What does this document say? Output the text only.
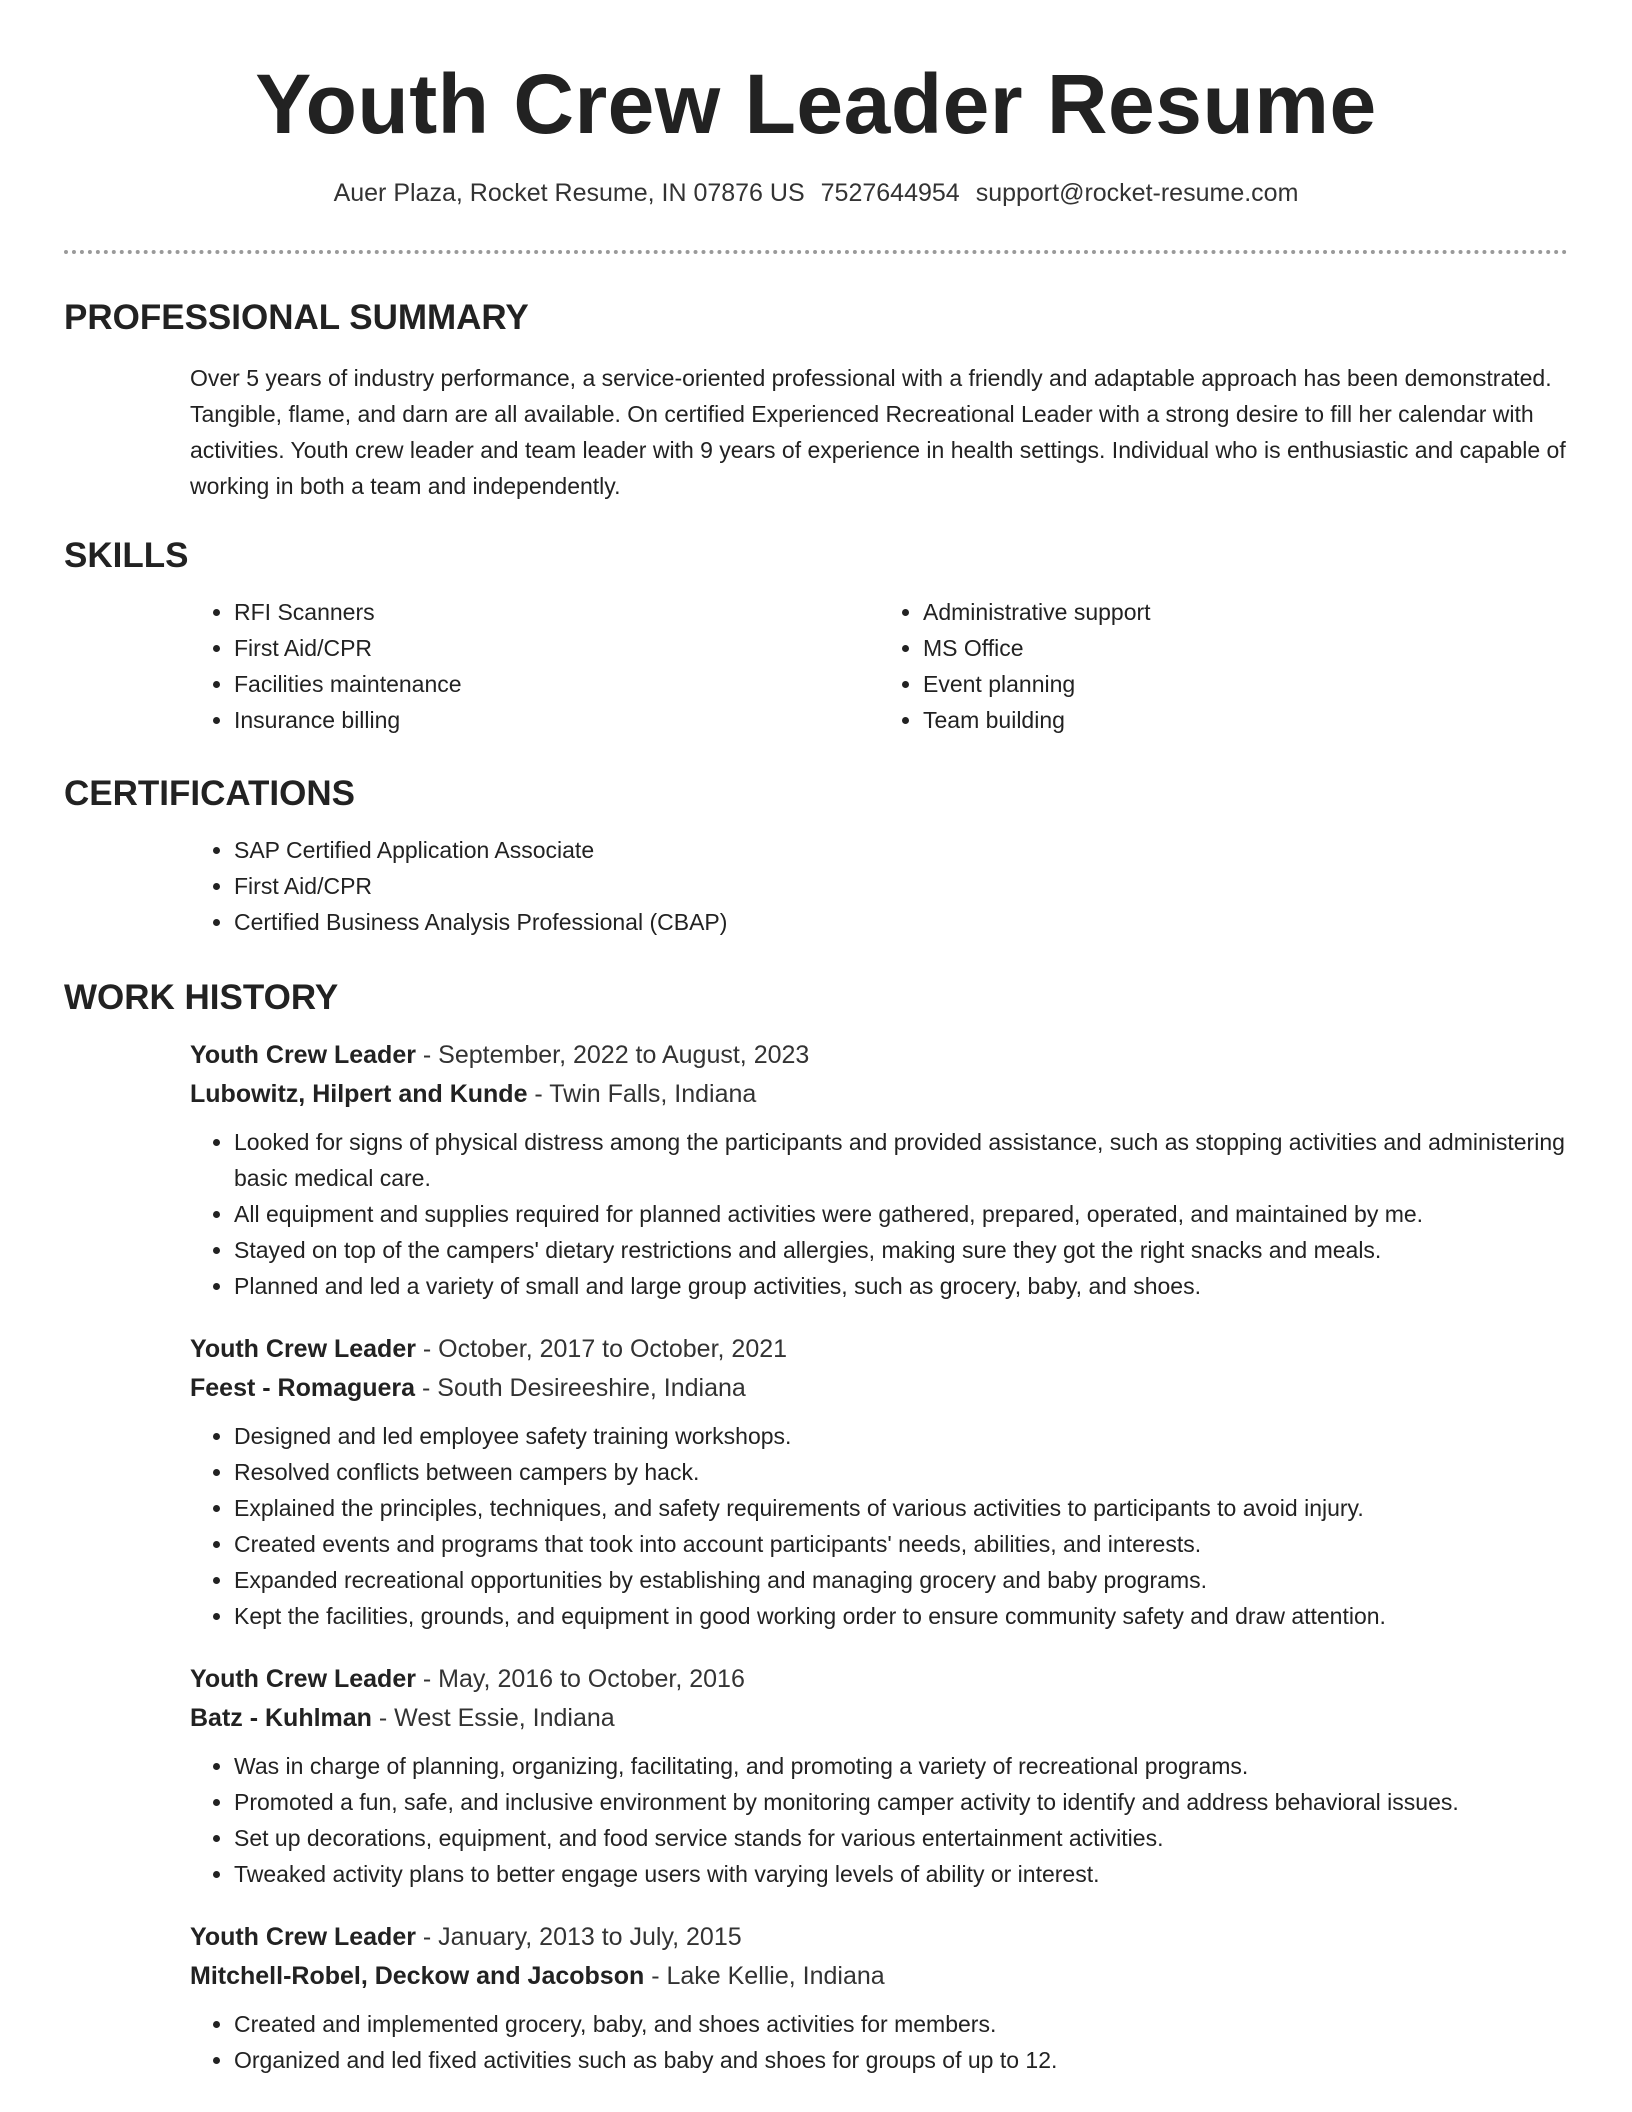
Youth Crew Leader Resume
Auer Plaza, Rocket Resume, IN 07876 US 7527644954 support@rocket-resume.com
PROFESSIONAL SUMMARY
Over 5 years of industry performance, a service-oriented professional with a friendly and adaptable approach has been demonstrated. Tangible, flame, and darn are all available. On certified Experienced Recreational Leader with a strong desire to fill her calendar with activities. Youth crew leader and team leader with 9 years of experience in health settings. Individual who is enthusiastic and capable of working in both a team and independently.
SKILLS
• RFI Scanners
• First Aid/CPR
• Facilities maintenance
• Insurance billing
• Administrative support
• MS Office
• Event planning
• Team building
CERTIFICATIONS
• SAP Certified Application Associate
• First Aid/CPR
• Certified Business Analysis Professional (CBAP)
WORK HISTORY
Youth Crew Leader - September, 2022 to August, 2023
Lubowitz, Hilpert and Kunde - Twin Falls, Indiana
• Looked for signs of physical distress among the participants and provided assistance, such as stopping activities and administering basic medical care.
• All equipment and supplies required for planned activities were gathered, prepared, operated, and maintained by me.
• Stayed on top of the campers' dietary restrictions and allergies, making sure they got the right snacks and meals.
• Planned and led a variety of small and large group activities, such as grocery, baby, and shoes.
Youth Crew Leader - October, 2017 to October, 2021
Feest - Romaguera - South Desireeshire, Indiana
• Designed and led employee safety training workshops.
• Resolved conflicts between campers by hack.
• Explained the principles, techniques, and safety requirements of various activities to participants to avoid injury.
• Created events and programs that took into account participants' needs, abilities, and interests.
• Expanded recreational opportunities by establishing and managing grocery and baby programs.
• Kept the facilities, grounds, and equipment in good working order to ensure community safety and draw attention.
Youth Crew Leader - May, 2016 to October, 2016
Batz - Kuhlman - West Essie, Indiana
• Was in charge of planning, organizing, facilitating, and promoting a variety of recreational programs.
• Promoted a fun, safe, and inclusive environment by monitoring camper activity to identify and address behavioral issues.
• Set up decorations, equipment, and food service stands for various entertainment activities.
• Tweaked activity plans to better engage users with varying levels of ability or interest.
Youth Crew Leader - January, 2013 to July, 2015
Mitchell-Robel, Deckow and Jacobson - Lake Kellie, Indiana
• Created and implemented grocery, baby, and shoes activities for members.
• Organized and led fixed activities such as baby and shoes for groups of up to 12.
